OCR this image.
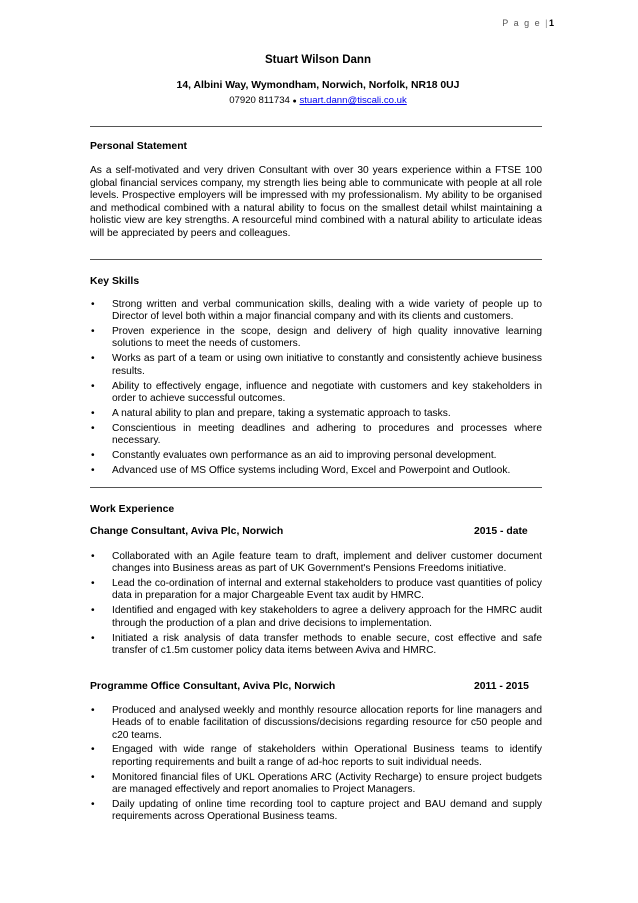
P a g e |1
Stuart Wilson Dann
14, Albini Way, Wymondham, Norwich, Norfolk, NR18 0UJ
07920 811734 ● stuart.dann@tiscali.co.uk
Personal Statement
As a self-motivated and very driven Consultant with over 30 years experience within a FTSE 100 global financial services company, my strength lies being able to communicate with people at all role levels. Prospective employers will be impressed with my professionalism. My ability to be organised and methodical combined with a natural ability to focus on the smallest detail whilst maintaining a holistic view are key strengths. A resourceful mind combined with a natural ability to articulate ideas will be appreciated by peers and colleagues.
Key Skills
• Strong written and verbal communication skills, dealing with a wide variety of people up to Director of level both within a major financial company and with its clients and customers.
• Proven experience in the scope, design and delivery of high quality innovative learning solutions to meet the needs of customers.
• Works as part of a team or using own initiative to constantly and consistently achieve business results.
• Ability to effectively engage, influence and negotiate with customers and key stakeholders in order to achieve successful outcomes.
• A natural ability to plan and prepare, taking a systematic approach to tasks.
• Conscientious in meeting deadlines and adhering to procedures and processes where necessary.
• Constantly evaluates own performance as an aid to improving personal development.
• Advanced use of MS Office systems including Word, Excel and Powerpoint and Outlook.
Work Experience
Change Consultant, Aviva Plc, Norwich	2015 - date
• Collaborated with an Agile feature team to draft, implement and deliver customer document changes into Business areas as part of UK Government's Pensions Freedoms initiative.
• Lead the co-ordination of internal and external stakeholders to produce vast quantities of policy data in preparation for a major Chargeable Event tax audit by HMRC.
• Identified and engaged with key stakeholders to agree a delivery approach for the HMRC audit through the production of a plan and drive decisions to implementation.
• Initiated a risk analysis of data transfer methods to enable secure, cost effective and safe transfer of c1.5m customer policy data items between Aviva and HMRC.
Programme Office Consultant, Aviva Plc, Norwich	2011 - 2015
• Produced and analysed weekly and monthly resource allocation reports for line managers and Heads of to enable facilitation of discussions/decisions regarding resource for c50 people and c20 teams.
• Engaged with wide range of stakeholders within Operational Business teams to identify reporting requirements and built a range of ad-hoc reports to suit individual needs.
• Monitored financial files of UKL Operations ARC (Activity Recharge) to ensure project budgets are managed effectively and report anomalies to Project Managers.
• Daily updating of online time recording tool to capture project and BAU demand and supply requirements across Operational Business teams.
